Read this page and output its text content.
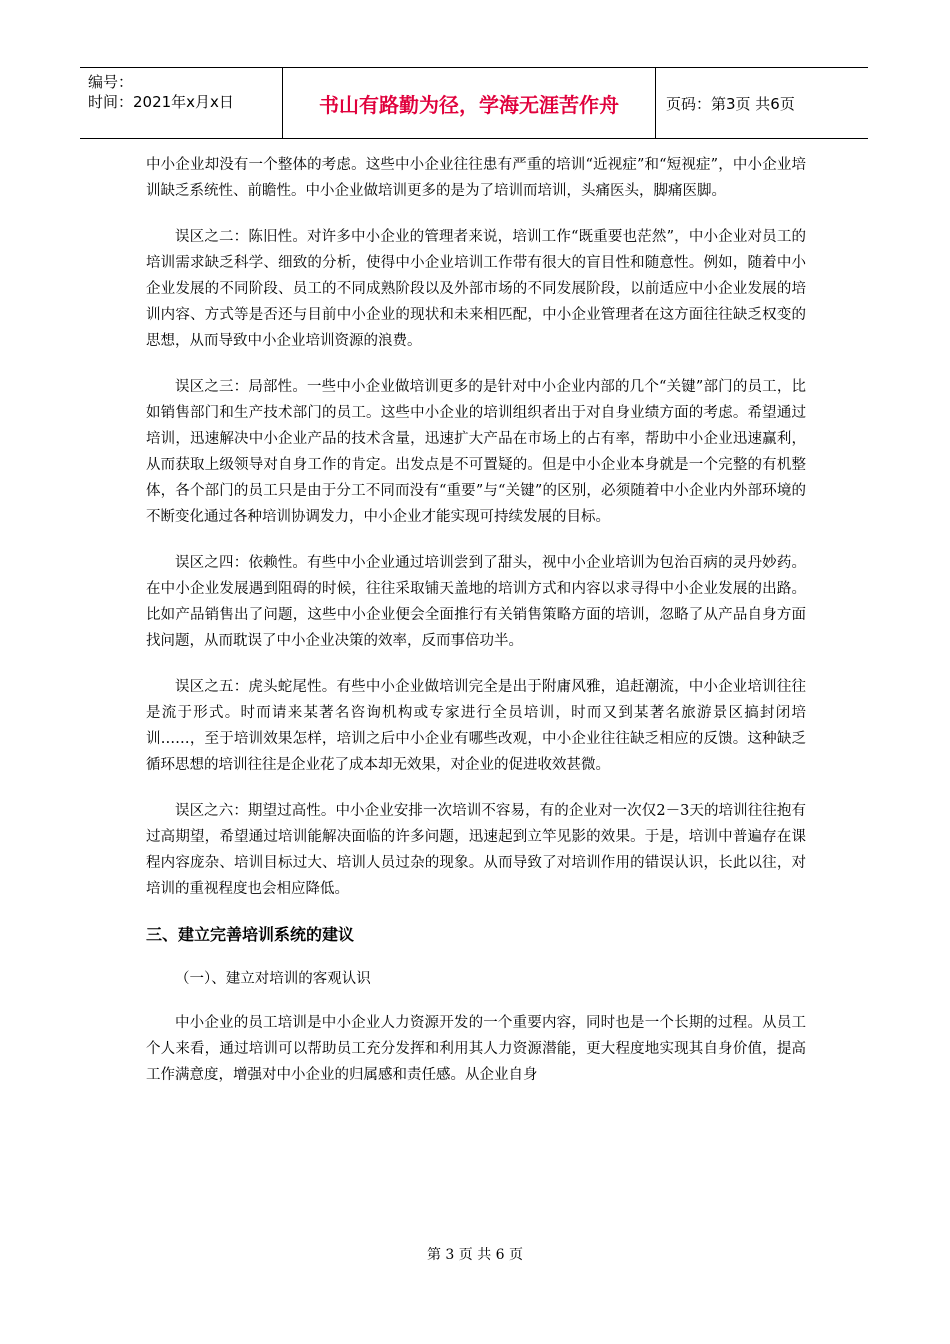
编号：
时间：2021年x月x日	书山有路勤为径，学海无涯苦作舟	页码：第3页 共6页

中小企业却没有一个整体的考虑。这些中小企业往往患有严重的培训“近视症”和“短视症”，中小企业培训缺乏系统性、前瞻性。中小企业做培训更多的是为了培训而培训，头痛医头，脚痛医脚。

误区之二：陈旧性。对许多中小企业的管理者来说，培训工作“既重要也茫然”，中小企业对员工的培训需求缺乏科学、细致的分析，使得中小企业培训工作带有很大的盲目性和随意性。例如，随着中小企业发展的不同阶段、员工的不同成熟阶段以及外部市场的不同发展阶段，以前适应中小企业发展的培训内容、方式等是否还与目前中小企业的现状和未来相匹配，中小企业管理者在这方面往往缺乏权变的思想，从而导致中小企业培训资源的浪费。

误区之三：局部性。一些中小企业做培训更多的是针对中小企业内部的几个“关键”部门的员工，比如销售部门和生产技术部门的员工。这些中小企业的培训组织者出于对自身业绩方面的考虑。希望通过培训，迅速解决中小企业产品的技术含量，迅速扩大产品在市场上的占有率，帮助中小企业迅速赢利，从而获取上级领导对自身工作的肯定。出发点是不可置疑的。但是中小企业本身就是一个完整的有机整体，各个部门的员工只是由于分工不同而没有“重要”与“关键”的区别，必须随着中小企业内外部环境的不断变化通过各种培训协调发力，中小企业才能实现可持续发展的目标。

误区之四：依赖性。有些中小企业通过培训尝到了甜头，视中小企业培训为包治百病的灵丹妙药。在中小企业发展遇到阻碍的时候，往往采取铺天盖地的培训方式和内容以求寻得中小企业发展的出路。比如产品销售出了问题，这些中小企业便会全面推行有关销售策略方面的培训，忽略了从产品自身方面找问题，从而耽误了中小企业决策的效率，反而事倍功半。

误区之五：虎头蛇尾性。有些中小企业做培训完全是出于附庸风雅，追赶潮流，中小企业培训往往是流于形式。时而请来某著名咨询机构或专家进行全员培训，时而又到某著名旅游景区搞封闭培训……，至于培训效果怎样，培训之后中小企业有哪些改观，中小企业往往缺乏相应的反馈。这种缺乏循环思想的培训往往是企业花了成本却无效果，对企业的促进收效甚微。

误区之六：期望过高性。中小企业安排一次培训不容易，有的企业对一次仅2－3天的培训往往抱有过高期望，希望通过培训能解决面临的许多问题，迅速起到立竿见影的效果。于是，培训中普遍存在课程内容庞杂、培训目标过大、培训人员过杂的现象。从而导致了对培训作用的错误认识，长此以往，对培训的重视程度也会相应降低。

三、建立完善培训系统的建议
（一）、建立对培训的客观认识

中小企业的员工培训是中小企业人力资源开发的一个重要内容，同时也是一个长期的过程。从员工个人来看，通过培训可以帮助员工充分发挥和利用其人力资源潜能，更大程度地实现其自身价值，提高工作满意度，增强对中小企业的归属感和责任感。从企业自身

第 3 页 共 6 页
